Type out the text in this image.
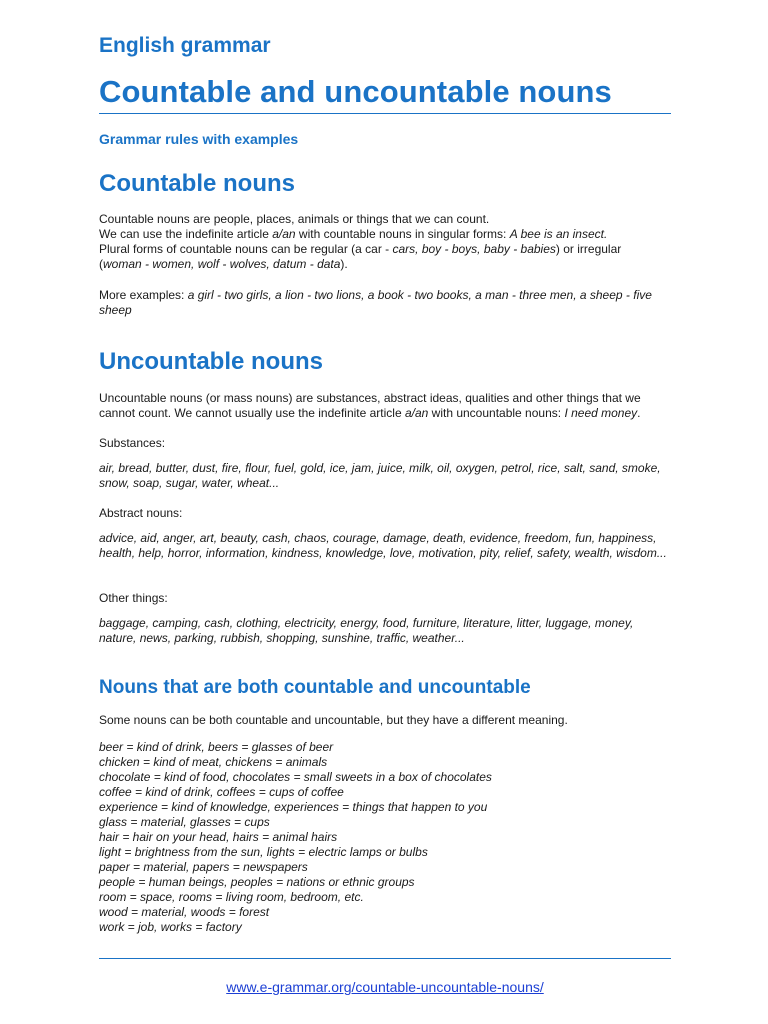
English grammar
Countable and uncountable nouns
Grammar rules with examples
Countable nouns

Countable nouns are people, places, animals or things that we can count.
We can use the indefinite article a/an with countable nouns in singular forms: A bee is an insect.
Plural forms of countable nouns can be regular (a car - cars, boy - boys, baby - babies) or irregular
(woman - women, wolf - wolves, datum - data).

More examples: a girl - two girls, a lion - two lions, a book - two books, a man - three men, a sheep - five sheep

Uncountable nouns

Uncountable nouns (or mass nouns) are substances, abstract ideas, qualities and other things that we cannot count. We cannot usually use the indefinite article a/an with uncountable nouns: I need money.

Substances:

air, bread, butter, dust, fire, flour, fuel, gold, ice, jam, juice, milk, oil, oxygen, petrol, rice, salt, sand, smoke, snow, soap, sugar, water, wheat...

Abstract nouns:

advice, aid, anger, art, beauty, cash, chaos, courage, damage, death, evidence, freedom, fun, happiness, health, help, horror, information, kindness, knowledge, love, motivation, pity, relief, safety, wealth, wisdom...

Other things:

baggage, camping, cash, clothing, electricity, energy, food, furniture, literature, litter, luggage, money, nature, news, parking, rubbish, shopping, sunshine, traffic, weather...

Nouns that are both countable and uncountable

Some nouns can be both countable and uncountable, but they have a different meaning.

beer = kind of drink, beers = glasses of beer
chicken = kind of meat, chickens = animals
chocolate = kind of food, chocolates = small sweets in a box of chocolates
coffee = kind of drink, coffees = cups of coffee
experience = kind of knowledge, experiences = things that happen to you
glass = material, glasses = cups
hair = hair on your head, hairs = animal hairs
light = brightness from the sun, lights = electric lamps or bulbs
paper = material, papers = newspapers
people = human beings, peoples = nations or ethnic groups
room = space, rooms = living room, bedroom, etc.
wood = material, woods = forest
work = job, works = factory
www.e-grammar.org/countable-uncountable-nouns/
